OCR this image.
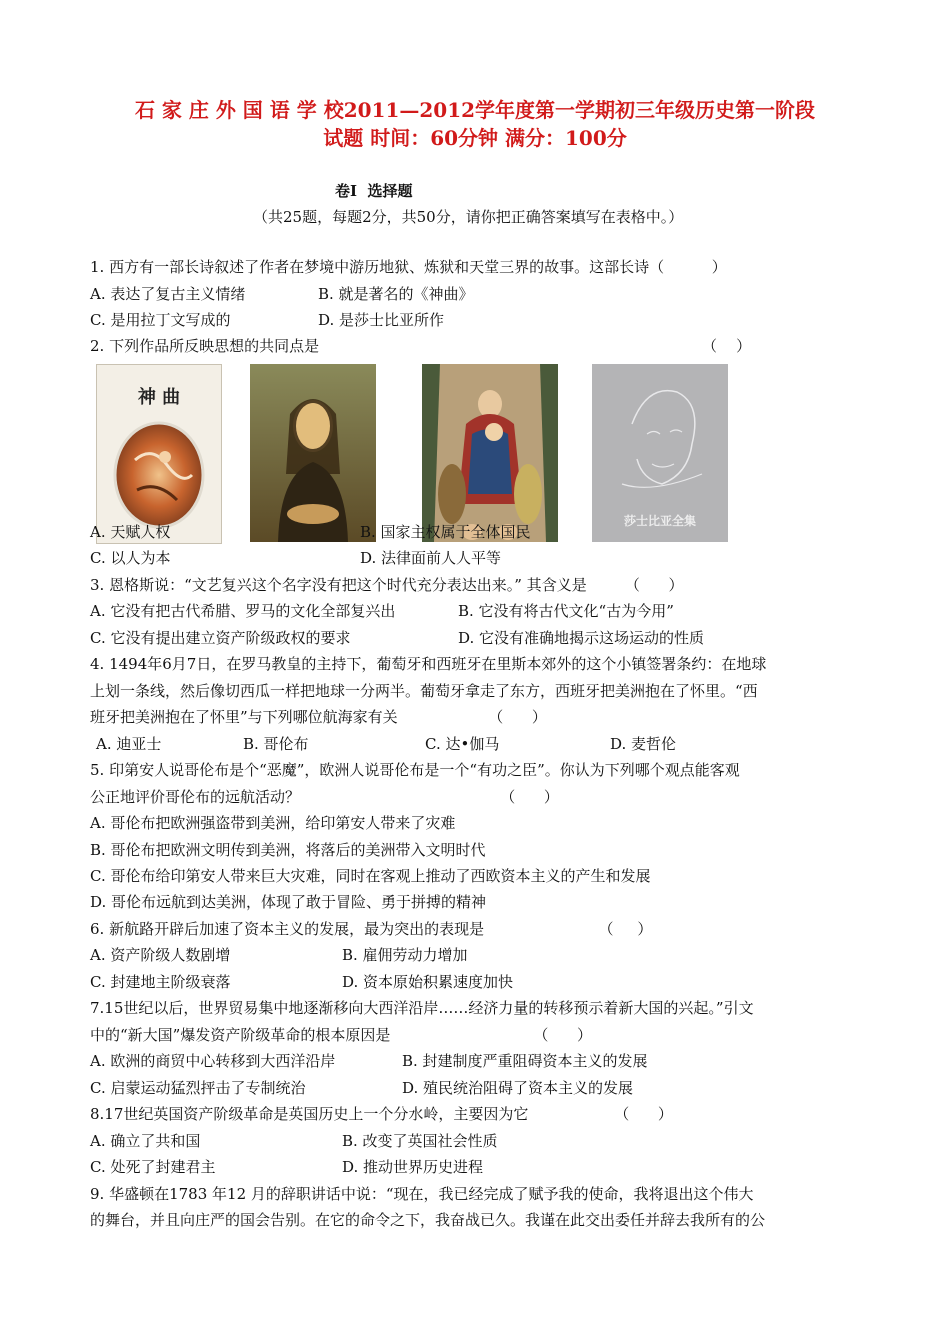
石 家 庄 外 国 语 学 校2011—2012学年度第一学期初三年级历史第一阶段
试题 时间：60分钟 满分：100分
卷I  选择题
（共25题，每题2分，共50分，请你把正确答案填写在表格中。）
1. 西方有一部长诗叙述了作者在梦境中游历地狱、炼狱和天堂三界的故事。这部长诗（          ）
A. 表达了复古主义情绪	B. 就是著名的《神曲》
C. 是用拉丁文写成的	D. 是莎士比亚所作
2. 下列作品所反映思想的共同点是	（    ）
神 曲
莎士比亚全集
A. 天赋人权	B. 国家主权属于全体国民
C. 以人为本	D. 法律面前人人平等
3. 恩格斯说：“文艺复兴这个名字没有把这个时代充分表达出来。” 其含义是        （      ）
A. 它没有把古代希腊、罗马的文化全部复兴出	B. 它没有将古代文化“古为今用”
C. 它没有提出建立资产阶级政权的要求	D. 它没有准确地揭示这场运动的性质
4. 1494年6月7日，在罗马教皇的主持下，葡萄牙和西班牙在里斯本郊外的这个小镇签署条约：在地球
上划一条线，然后像切西瓜一样把地球一分两半。葡萄牙拿走了东方，西班牙把美洲抱在了怀里。“西
班牙把美洲抱在了怀里”与下列哪位航海家有关                   （      ）
A. 迪亚士	B. 哥伦布	C. 达•伽马	D. 麦哲伦
5. 印第安人说哥伦布是个“恶魔”，欧洲人说哥伦布是一个“有功之臣”。你认为下列哪个观点能客观
公正地评价哥伦布的远航活动？                                          （      ）
A. 哥伦布把欧洲强盗带到美洲，给印第安人带来了灾难
B. 哥伦布把欧洲文明传到美洲，将落后的美洲带入文明时代
C. 哥伦布给印第安人带来巨大灾难，同时在客观上推动了西欧资本主义的产生和发展
D. 哥伦布远航到达美洲，体现了敢于冒险、勇于拼搏的精神
6. 新航路开辟后加速了资本主义的发展，最为突出的表现是                        （     ）
A. 资产阶级人数剧增	B. 雇佣劳动力增加
C. 封建地主阶级衰落	D. 资本原始积累速度加快
7.15世纪以后，世界贸易集中地逐渐移向大西洋沿岸……经济力量的转移预示着新大国的兴起。”引文
中的“新大国”爆发资产阶级革命的根本原因是                              （      ）
A. 欧洲的商贸中心转移到大西洋沿岸	B. 封建制度严重阻碍资本主义的发展
C. 启蒙运动猛烈抨击了专制统治	D. 殖民统治阻碍了资本主义的发展
8.17世纪英国资产阶级革命是英国历史上一个分水岭，主要因为它                  （      ）
A. 确立了共和国	B. 改变了英国社会性质
C. 处死了封建君主	D. 推动世界历史进程
9. 华盛顿在1783 年12 月的辞职讲话中说：“现在，我已经完成了赋予我的使命，我将退出这个伟大
的舞台，并且向庄严的国会告别。在它的命令之下，我奋战已久。我谨在此交出委任并辞去我所有的公
